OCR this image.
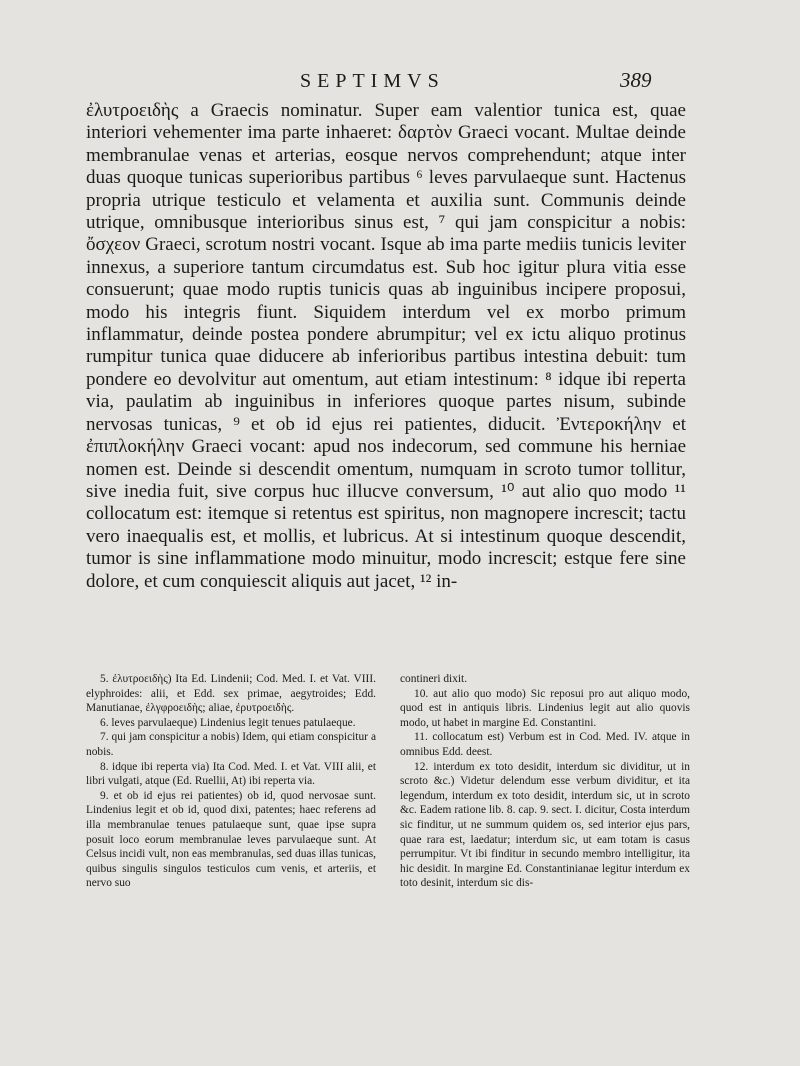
SEPTIMVS	389

ἐλυτροειδὴς a Graecis nominatur. Super eam valentior tunica est, quae interiori vehementer ima parte inhaeret: δαρτὸν Graeci vocant. Multae deinde membranulae venas et arterias, eosque nervos comprehendunt; atque inter duas quoque tunicas superioribus partibus ⁶ leves parvulaeque sunt. Hactenus propria utrique testiculo et velamenta et auxilia sunt. Communis deinde utrique, omnibusque interioribus sinus est, ⁷ qui jam conspicitur a nobis: ὄσχεον Graeci, scrotum nostri vocant. Isque ab ima parte mediis tunicis leviter innexus, a superiore tantum circumdatus est. Sub hoc igitur plura vitia esse consuerunt; quae modo ruptis tunicis quas ab inguinibus incipere proposui, modo his integris fiunt. Siquidem interdum vel ex morbo primum inflammatur, deinde postea pondere abrumpitur; vel ex ictu aliquo protinus rumpitur tunica quae diducere ab inferioribus partibus intestina debuit: tum pondere eo devolvitur aut omentum, aut etiam intestinum: ⁸ idque ibi reperta via, paulatim ab inguinibus in inferiores quoque partes nisum, subinde nervosas tunicas, ⁹ et ob id ejus rei patientes, diducit. Ἐντεροκήλην et ἐπιπλοκήλην Graeci vocant: apud nos indecorum, sed commune his herniae nomen est. Deinde si descendit omentum, numquam in scroto tumor tollitur, sive inedia fuit, sive corpus huc illucve conversum, ¹⁰ aut alio quo modo ¹¹ collocatum est: itemque si retentus est spiritus, non magnopere increscit; tactu vero inaequalis est, et mollis, et lubricus. At si intestinum quoque descendit, tumor is sine inflammatione modo minuitur, modo increscit; estque fere sine dolore, et cum conquiescit aliquis aut jacet, ¹² in-

5. ἐλυτροειδὴς) Ita Ed. Lindenii; Cod. Med. I. et Vat. VIII. elyphroides: alii, et Edd. sex primae, aegytroides; Edd. Manutianae, ἐλγφροειδὴς; aliae, ἐρυτροειδὴς.

6. leves parvulaeque) Lindenius legit tenues patulaeque.

7. qui jam conspicitur a nobis) Idem, qui etiam conspicitur a nobis.

8. idque ibi reperta via) Ita Cod. Med. I. et Vat. VIII alii, et libri vulgati, atque (Ed. Ruellii, At) ibi reperta via.

9. et ob id ejus rei patientes) ob id, quod nervosae sunt. Lindenius legit et ob id, quod dixi, patentes; haec referens ad illa membranulae tenues patulaeque sunt, quae ipse supra posuit loco eorum membranulae leves parvulaeque sunt. At Celsus incidi vult, non eas membranulas, sed duas illas tunicas, quibus singulis singulos testiculos cum venis, et arteriis, et nervo suo

contineri dixit.

10. aut alio quo modo) Sic reposui pro aut aliquo modo, quod est in antiquis libris. Lindenius legit aut alio quovis modo, ut habet in margine Ed. Constantini.

11. collocatum est) Verbum est in Cod. Med. IV. atque in omnibus Edd. deest.

12. interdum ex toto desidit, interdum sic dividitur, ut in scroto &c.) Videtur delendum esse verbum dividitur, et ita legendum, interdum ex toto desidit, interdum sic, ut in scroto &c. Eadem ratione lib. 8. cap. 9. sect. I. dicitur, Costa interdum sic finditur, ut ne summum quidem os, sed interior ejus pars, quae rara est, laedatur; interdum sic, ut eam totam is casus perrumpitur. Vt ibi finditur in secundo membro intelligitur, ita hic desidit. In margine Ed. Constantinianae legitur interdum ex toto desinit, interdum sic dis-
